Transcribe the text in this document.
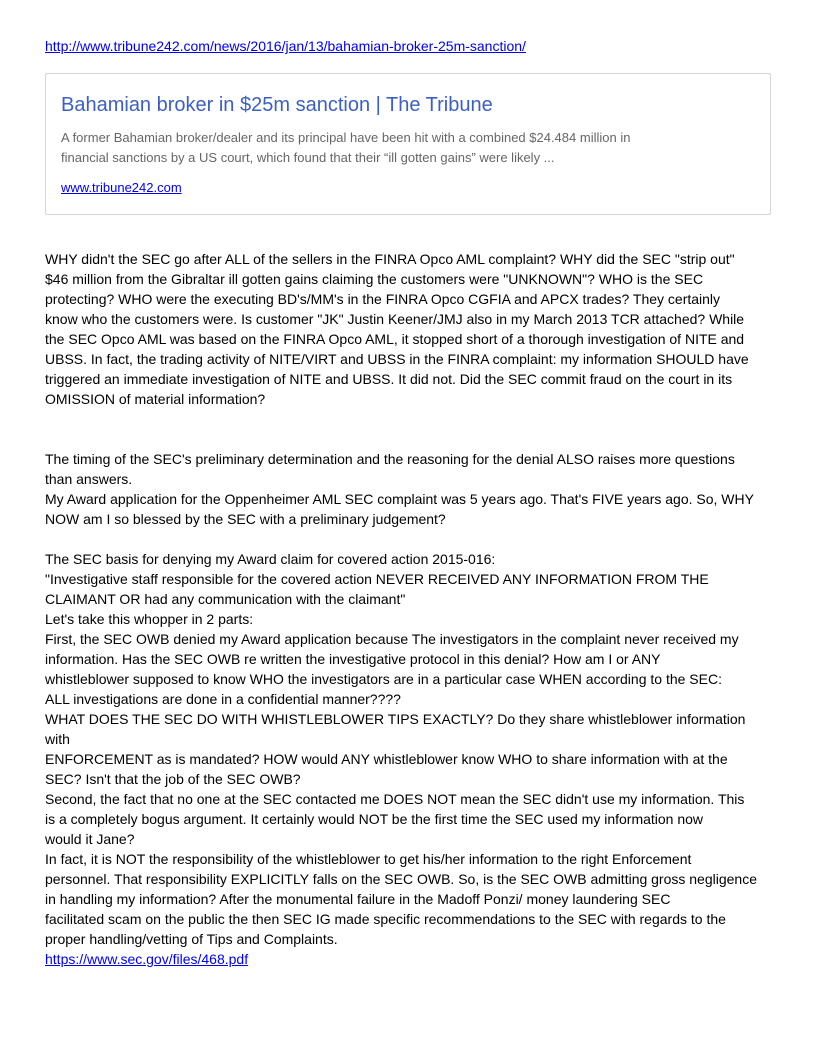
http://www.tribune242.com/news/2016/jan/13/bahamian-broker-25m-sanction/
Bahamian broker in $25m sanction | The Tribune
A former Bahamian broker/dealer and its principal have been hit with a combined $24.484 million in
financial sanctions by a US court, which found that their “ill gotten gains” were likely ...
www.tribune242.com
WHY didn't the SEC go after ALL of the sellers in the FINRA Opco AML complaint? WHY did the SEC "strip out"
$46 million from the Gibraltar ill gotten gains claiming the customers were "UNKNOWN"? WHO is the SEC
protecting? WHO were the executing BD's/MM's in the FINRA Opco CGFIA and APCX trades? They certainly
know who the customers were. Is customer "JK" Justin Keener/JMJ also in my March 2013 TCR attached? While
the SEC Opco AML was based on the FINRA Opco AML, it stopped short of a thorough investigation of NITE and
UBSS. In fact, the trading activity of NITE/VIRT and UBSS in the FINRA complaint: my information SHOULD have
triggered an immediate investigation of NITE and UBSS. It did not. Did the SEC commit fraud on the court in its
OMISSION of material information?
The timing of the SEC's preliminary determination and the reasoning for the denial ALSO raises more questions
than answers.
My Award application for the Oppenheimer AML SEC complaint was 5 years ago. That's FIVE years ago. So, WHY
NOW am I so blessed by the SEC with a preliminary judgement?
The SEC basis for denying my Award claim for covered action 2015-016:
"Investigative staff responsible for the covered action NEVER RECEIVED ANY INFORMATION FROM THE
CLAIMANT OR had any communication with the claimant"
Let's take this whopper in 2 parts:
First, the SEC OWB denied my Award application because The investigators in the complaint never received my
information. Has the SEC OWB re written the investigative protocol in this denial? How am I or ANY
whistleblower supposed to know WHO the investigators are in a particular case WHEN according to the SEC:
ALL investigations are done in a confidential manner????
WHAT DOES THE SEC DO WITH WHISTLEBLOWER TIPS EXACTLY? Do they share whistleblower information with
ENFORCEMENT as is mandated? HOW would ANY whistleblower know WHO to share information with at the
SEC? Isn't that the job of the SEC OWB?
Second, the fact that no one at the SEC contacted me DOES NOT mean the SEC didn't use my information. This
is a completely bogus argument. It certainly would NOT be the first time the SEC used my information now
would it Jane?
In fact, it is NOT the responsibility of the whistleblower to get his/her information to the right Enforcement
personnel. That responsibility EXPLICITLY falls on the SEC OWB. So, is the SEC OWB admitting gross negligence
in handling my information? After the monumental failure in the Madoff Ponzi/ money laundering SEC
facilitated scam on the public the then SEC IG made specific recommendations to the SEC with regards to the
proper handling/vetting of Tips and Complaints.
https://www.sec.gov/files/468.pdf
